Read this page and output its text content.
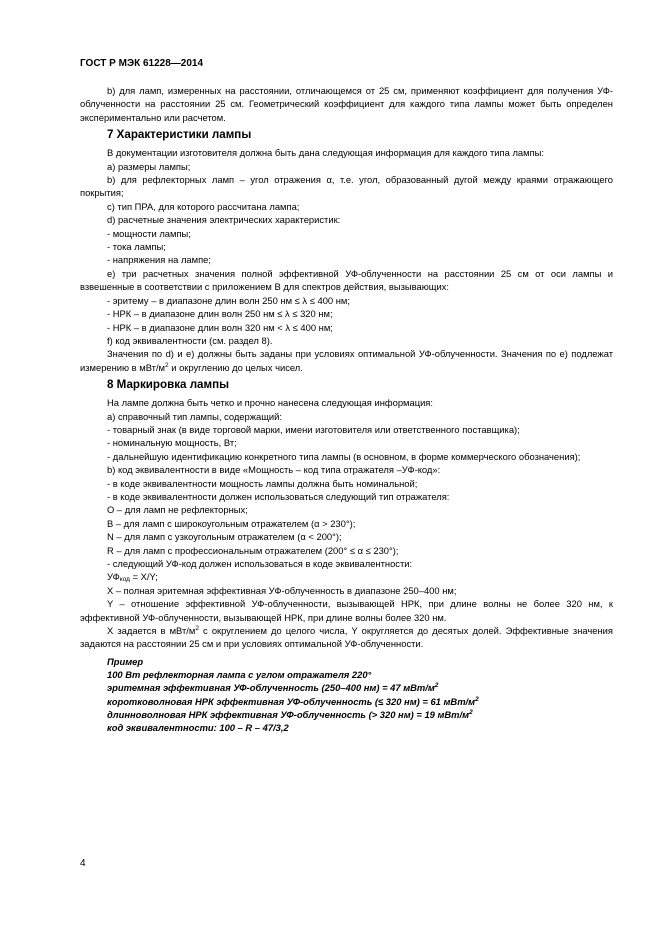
ГОСТ Р МЭК 61228—2014
b) для ламп, измеренных на расстоянии, отличающемся от 25 см, применяют коэффициент для получения УФ-облученности на расстоянии 25 см. Геометрический коэффициент для каждого типа лампы может быть определен экспериментально или расчетом.
7 Характеристики лампы
В документации изготовителя должна быть дана следующая информация для каждого типа лампы:
a) размеры лампы;
b) для рефлекторных ламп – угол отражения α, т.е. угол, образованный дугой между краями отражающего покрытия;
c) тип ПРА, для которого рассчитана лампа;
d) расчетные значения электрических характеристик:
- мощности лампы;
- тока лампы;
- напряжения на лампе;
e) три расчетных значения полной эффективной УФ-облученности на расстоянии 25 см от оси лампы и взвешенные в соответствии с приложением В для спектров действия, вызывающих:
- эритему – в диапазоне длин волн 250 нм ≤ λ ≤ 400 нм;
- НРК – в диапазоне длин волн 250 нм ≤ λ ≤ 320 нм;
- НРК – в диапазоне длин волн 320 нм < λ ≤ 400 нм;
f) код эквивалентности (см. раздел 8).
Значения по d) и e) должны быть заданы при условиях оптимальной УФ-облученности. Значения по e) подлежат измерению в мВт/$м^2$ и округлению до целых чисел.
8 Маркировка лампы
На лампе должна быть четко и прочно нанесена следующая информация:
a) справочный тип лампы, содержащий:
- товарный знак (в виде торговой марки, имени изготовителя или ответственного поставщика);
- номинальную мощность, Вт;
- дальнейшую идентификацию конкретного типа лампы (в основном, в форме коммерческого обозначения);
b) код эквивалентности в виде «Мощность – код типа отражателя –УФ-код»:
- в коде эквивалентности мощность лампы должна быть номинальной;
- в коде эквивалентности должен использоваться следующий тип отражателя:
O – для ламп не рефлекторных;
B – для ламп с широкоугольным отражателем (α > 230°);
N – для ламп с узкоугольным отражателем (α < 200°);
R – для ламп с профессиональным отражателем (200° ≤ α ≤ 230°);
- следующий УФ-код должен использоваться в коде эквивалентности:
$УФ_{код} = X/Y$;
X – полная эритемная эффективная УФ-облученность в диапазоне 250–400 нм;
Y – отношение эффективной УФ-облученности, вызывающей НРК, при длине волны не более 320 нм, к эффективной УФ-облученности, вызывающей НРК, при длине волны более 320 нм.
X задается в мВт/$м^2$ с округлением до целого числа, Y округляется до десятых долей. Эффективные значения задаются на расстоянии 25 см и при условиях оптимальной УФ-облученности.
Пример
100 Вт рефлекторная лампа с углом отражателя 220°
эритемная эффективная УФ-облученность (250–400 нм) = 47 мВт/$м^2$
коротковолновая НРК эффективная УФ-облученность (≤ 320 нм) = 61 мВт/$м^2$
длинноволновая НРК эффективная УФ-облученность (> 320 нм) = 19 мВт/$м^2$
код эквивалентности: 100 – R – 47/3,2
4
